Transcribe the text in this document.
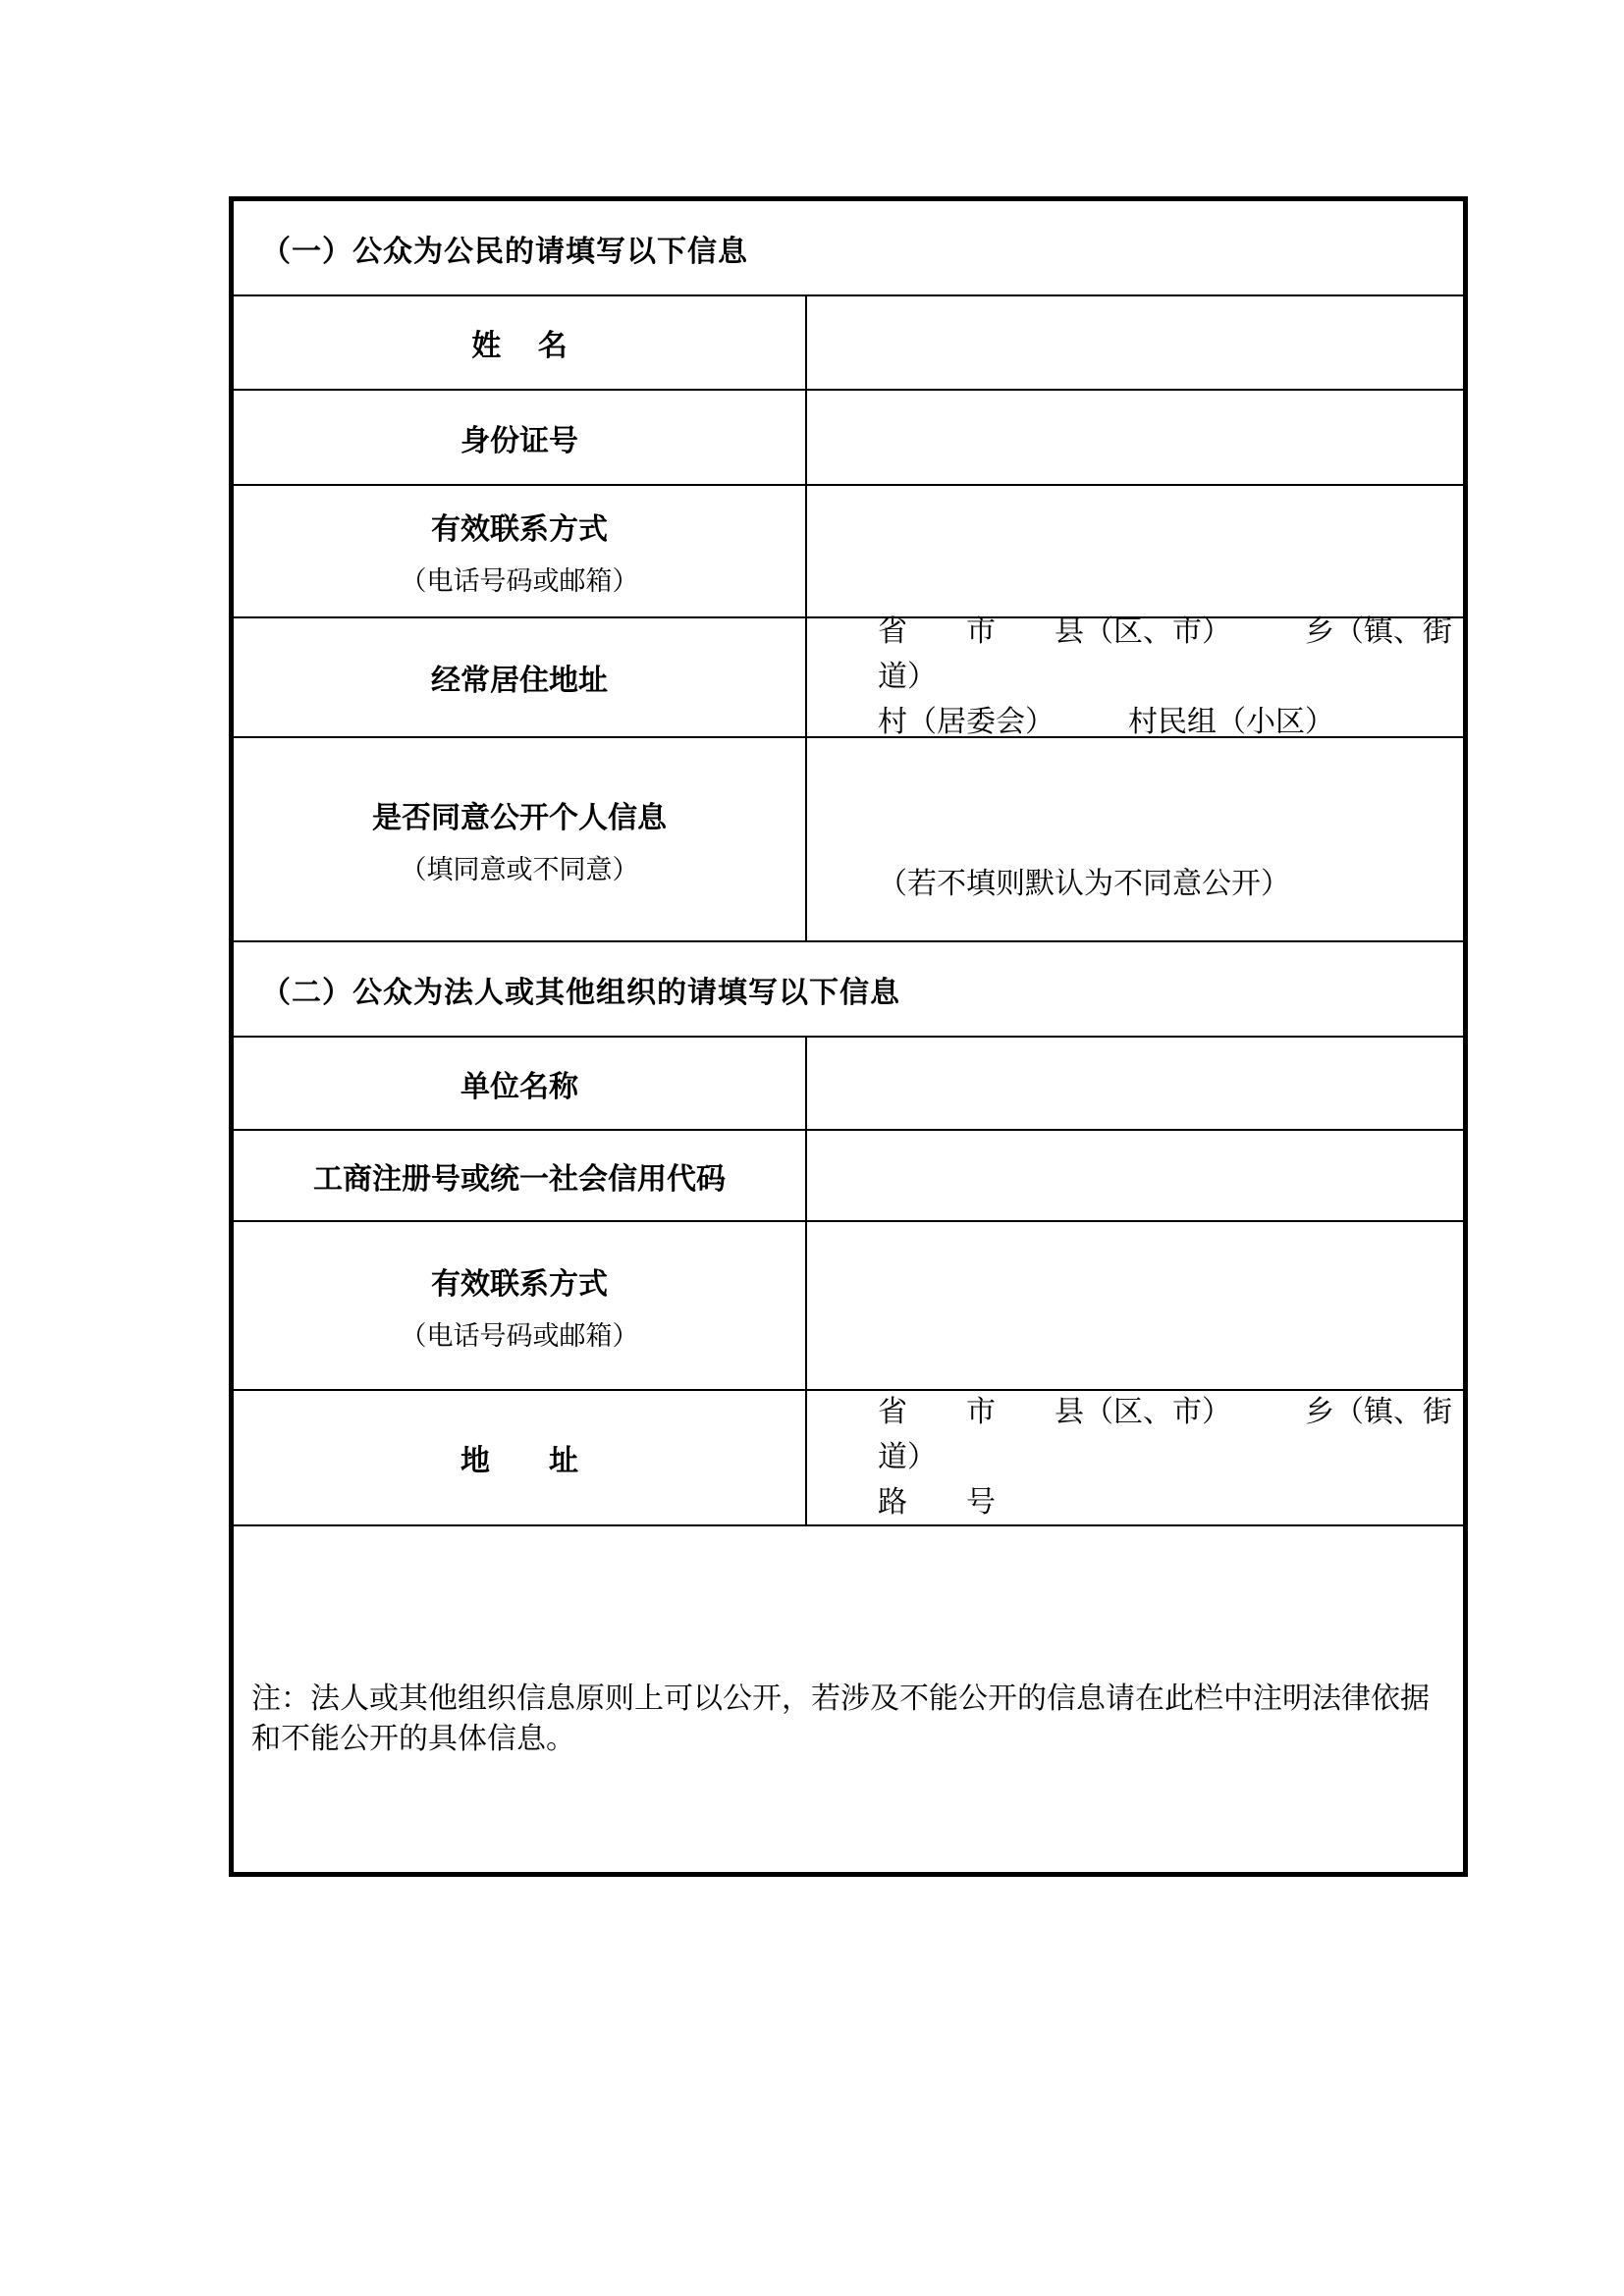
（一）公众为公民的请填写以下信息
姓　 名
身份证号
有效联系方式
（电话号码或邮箱）
经常居住地址
省　　市　　县（区、市）　　　乡（镇、街道）
村（居委会）　　　村民组（小区）
是否同意公开个人信息
（填同意或不同意）	（若不填则默认为不同意公开）
（二）公众为法人或其他组织的请填写以下信息
单位名称
工商注册号或统一社会信用代码
有效联系方式
（电话号码或邮箱）
地　　址
省　　市　　县（区、市）　　　乡（镇、街道）
路　　号
注：法人或其他组织信息原则上可以公开，若涉及不能公开的信息请在此栏中注明法律依据和不能公开的具体信息。
